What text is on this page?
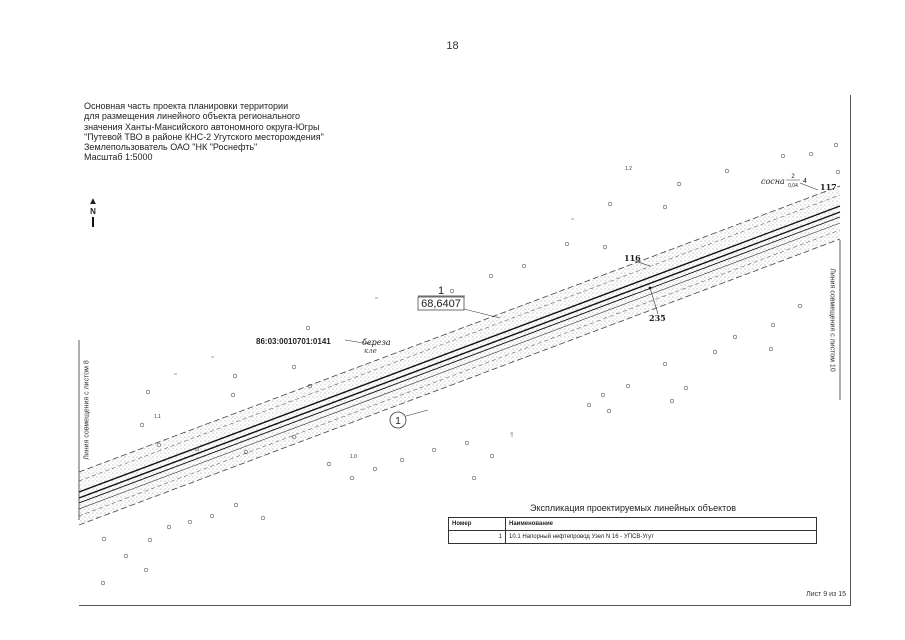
18
Основная часть проекта планировки территории
для размещения линейного объекта регионального
значения Ханты-Мансийского автономного округа-Югры
"Путевой ТВО в районе КНС-2 Угутского месторождения"
Землепользователь ОАО "НК "Роснефть"
Масштаб 1:5000
1
68,6407
1
86:03:0010701:0141
116
117
235
береза
кле
сосна 2
0,04
4
1.2
1.1
1.0
▲
N
Линия совмещения с листом 8
Линия совмещения с листом 10
Экспликация проектируемых линейных объектов
Номер	Наименование
1	10.1 Напорный нефтепровод Узел N 16 - УПСВ-Угут
Лист 9 из 15
